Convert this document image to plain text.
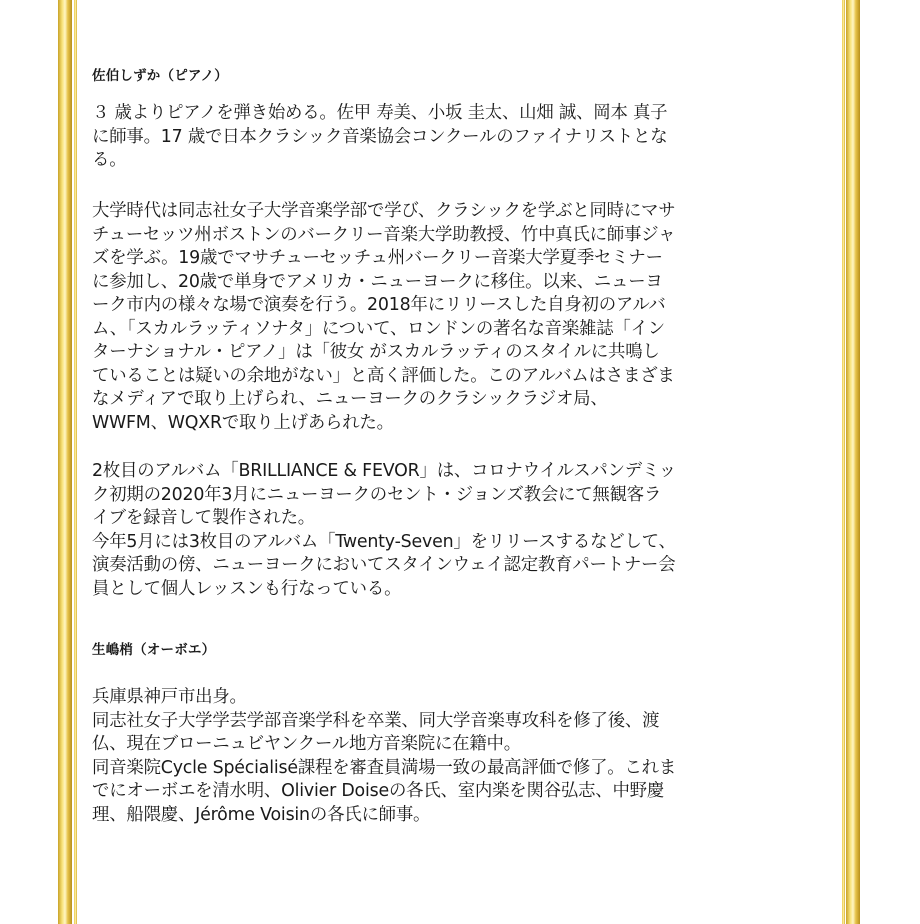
佐伯しずか（ピアノ）

３ 歳よりピアノを弾き始める。佐甲 寿美、小坂 圭太、山畑 誠、岡本 真子
に師事。17 歳で日本クラシック音楽協会コンクールのファイナリストとな
る。

大学時代は同志社女子大学音楽学部で学び、クラシックを学ぶと同時にマサ
チューセッツ州ボストンのバークリー音楽大学助教授、竹中真氏に師事ジャ
ズを学ぶ。19歳でマサチューセッチュ州バークリー音楽大学夏季セミナー
に参加し、20歳で単身でアメリカ・ニューヨークに移住。以来、ニューヨ
ーク市内の様々な場で演奏を行う。2018年にリリースした自身初のアルバ
ム、「スカルラッティソナタ」について、ロンドンの著名な音楽雑誌「イン
ターナショナル・ピアノ」は「彼女 がスカルラッティのスタイルに共鳴し
ていることは疑いの余地がない」と高く評価した。このアルバムはさまざま
なメディアで取り上げられ、ニューヨークのクラシックラジオ局、
WWFM、WQXRで取り上げあられた。

2枚目のアルバム「BRILLIANCE & FEVOR」は、コロナウイルスパンデミッ
ク初期の2020年3月にニューヨークのセント・ジョンズ教会にて無観客ラ
イブを録音して製作された。
今年5月には3枚目のアルバム「Twenty-Seven」をリリースするなどして、
演奏活動の傍、ニューヨークにおいてスタインウェイ認定教育パートナー会
員として個人レッスンも行なっている。

生嶋梢（オーボエ）

兵庫県神戸市出身。
同志社女子大学学芸学部音楽学科を卒業、同大学音楽専攻科を修了後、渡
仏、現在ブローニュビヤンクール地方音楽院に在籍中。
同音楽院Cycle Spécialisé課程を審査員満場一致の最高評価で修了。これま
でにオーボエを清水明、Olivier Doiseの各氏、室内楽を関谷弘志、中野慶
理、船隈慶、Jérôme Voisinの各氏に師事。
